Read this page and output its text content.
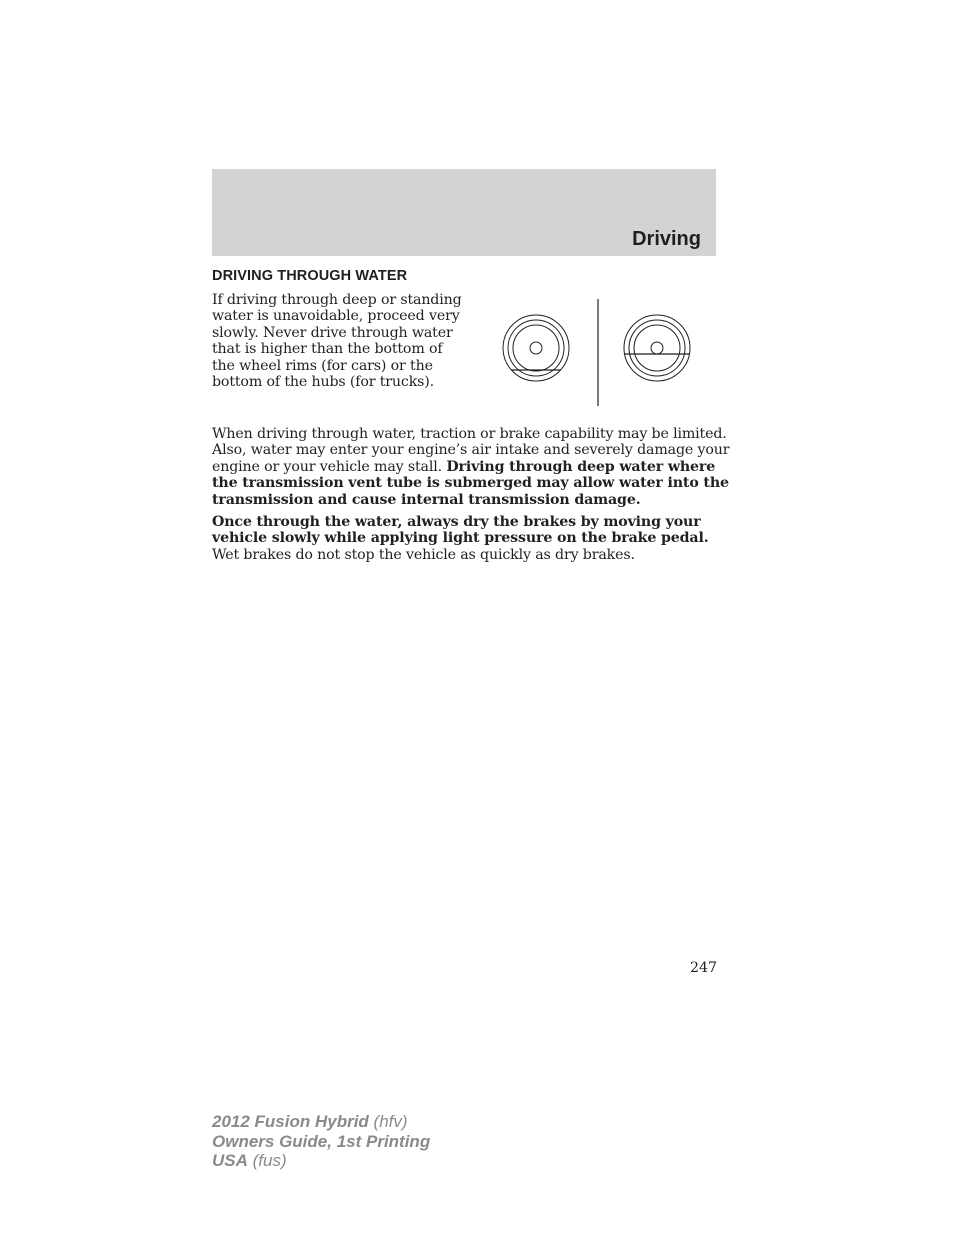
Driving
DRIVING THROUGH WATER
If driving through deep or standing
water is unavoidable, proceed very
slowly. Never drive through water
that is higher than the bottom of
the wheel rims (for cars) or the
bottom of the hubs (for trucks).
When driving through water, traction or brake capability may be limited.
Also, water may enter your engine’s air intake and severely damage your
engine or your vehicle may stall. Driving through deep water where
the transmission vent tube is submerged may allow water into the
transmission and cause internal transmission damage.
Once through the water, always dry the brakes by moving your
vehicle slowly while applying light pressure on the brake pedal.
Wet brakes do not stop the vehicle as quickly as dry brakes.
247
2012 Fusion Hybrid (hfv)
Owners Guide, 1st Printing
USA (fus)
